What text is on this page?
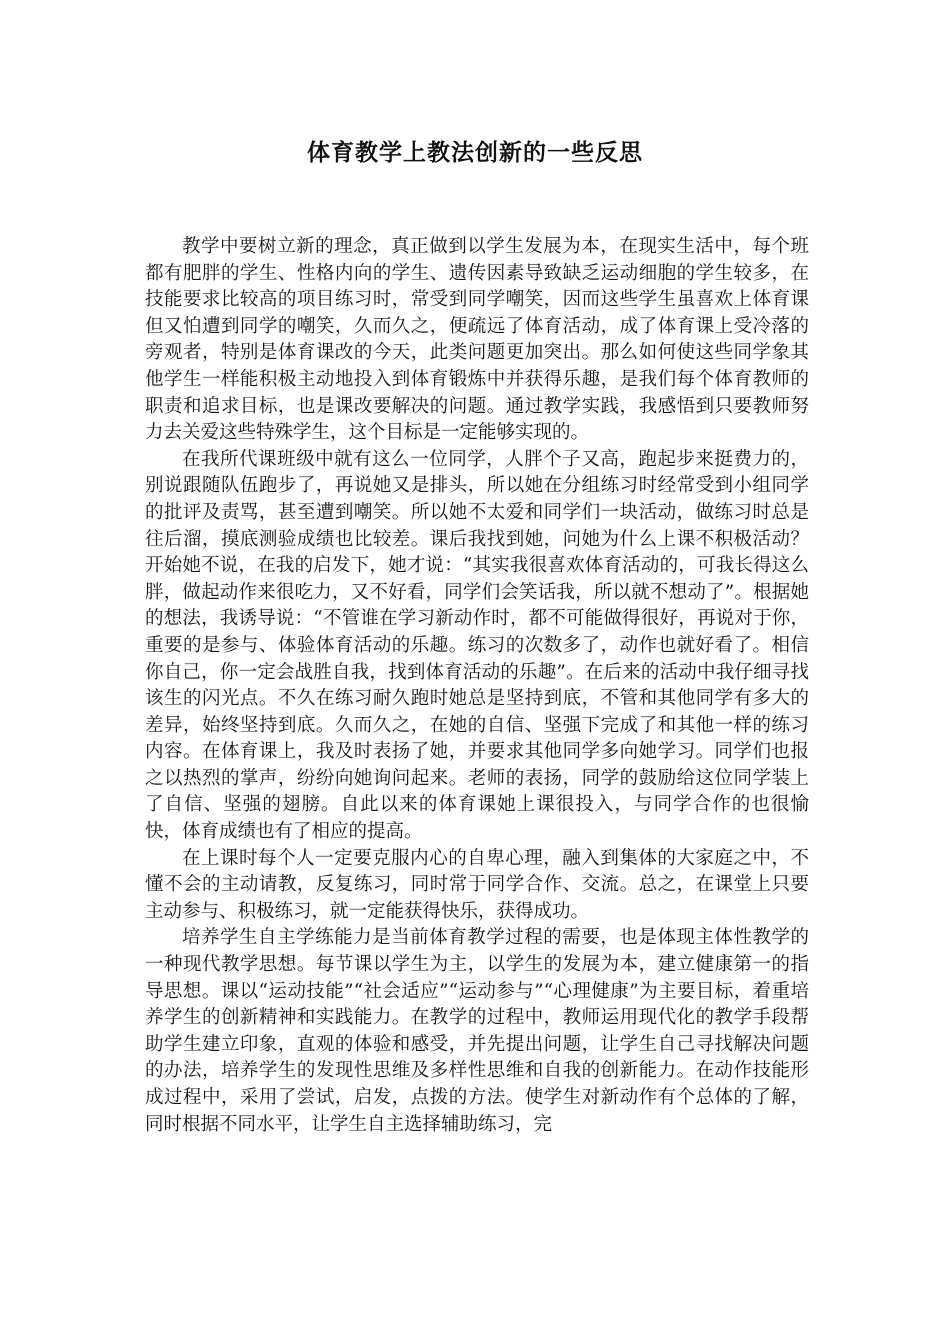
体育教学上教法创新的一些反思

教学中要树立新的理念，真正做到以学生发展为本，在现实生活中，每个班都有肥胖的学生、性格内向的学生、遗传因素导致缺乏运动细胞的学生较多，在技能要求比较高的项目练习时，常受到同学嘲笑，因而这些学生虽喜欢上体育课但又怕遭到同学的嘲笑，久而久之，便疏远了体育活动，成了体育课上受冷落的旁观者，特别是体育课改的今天，此类问题更加突出。那么如何使这些同学象其他学生一样能积极主动地投入到体育锻炼中并获得乐趣，是我们每个体育教师的职责和追求目标，也是课改要解决的问题。通过教学实践，我感悟到只要教师努力去关爱这些特殊学生，这个目标是一定能够实现的。

在我所代课班级中就有这么一位同学，人胖个子又高，跑起步来挺费力的，别说跟随队伍跑步了，再说她又是排头，所以她在分组练习时经常受到小组同学的批评及责骂，甚至遭到嘲笑。所以她不太爱和同学们一块活动，做练习时总是往后溜，摸底测验成绩也比较差。课后我找到她，问她为什么上课不积极活动？开始她不说，在我的启发下，她才说：“其实我很喜欢体育活动的，可我长得这么胖，做起动作来很吃力，又不好看，同学们会笑话我，所以就不想动了”。根据她的想法，我诱导说：“不管谁在学习新动作时，都不可能做得很好，再说对于你，重要的是参与、体验体育活动的乐趣。练习的次数多了，动作也就好看了。相信你自己，你一定会战胜自我，找到体育活动的乐趣”。在后来的活动中我仔细寻找该生的闪光点。不久在练习耐久跑时她总是坚持到底，不管和其他同学有多大的差异，始终坚持到底。久而久之，在她的自信、坚强下完成了和其他一样的练习内容。在体育课上，我及时表扬了她，并要求其他同学多向她学习。同学们也报之以热烈的掌声，纷纷向她询问起来。老师的表扬，同学的鼓励给这位同学装上了自信、坚强的翅膀。自此以来的体育课她上课很投入，与同学合作的也很愉快，体育成绩也有了相应的提高。

在上课时每个人一定要克服内心的自卑心理，融入到集体的大家庭之中，不懂不会的主动请教，反复练习，同时常于同学合作、交流。总之，在课堂上只要主动参与、积极练习，就一定能获得快乐，获得成功。

培养学生自主学练能力是当前体育教学过程的需要，也是体现主体性教学的一种现代教学思想。每节课以学生为主，以学生的发展为本，建立健康第一的指导思想。课以“运动技能”“社会适应”“运动参与”“心理健康”为主要目标，着重培养学生的创新精神和实践能力。在教学的过程中，教师运用现代化的教学手段帮助学生建立印象，直观的体验和感受，并先提出问题，让学生自己寻找解决问题的办法，培养学生的发现性思维及多样性思维和自我的创新能力。在动作技能形成过程中，采用了尝试，启发，点拨的方法。使学生对新动作有个总体的了解，同时根据不同水平，让学生自主选择辅助练习，完
